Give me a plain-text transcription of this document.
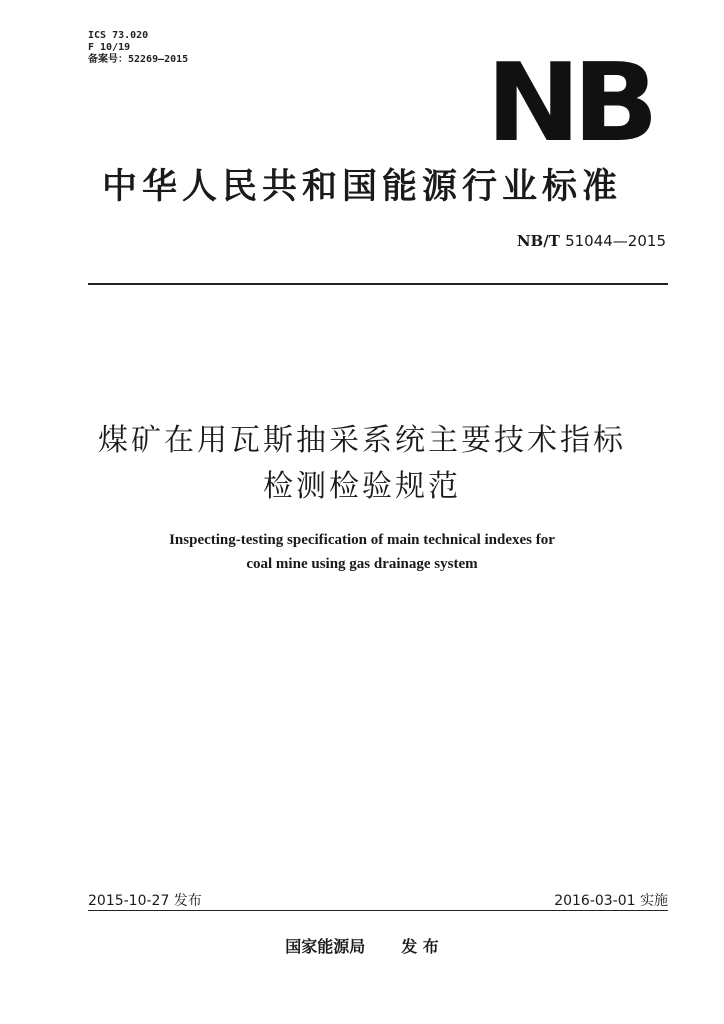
ICS 73.020
F 10/19
备案号：52269—2015	NB
中华人民共和国能源行业标准
NB/T 51044—2015
煤矿在用瓦斯抽采系统主要技术指标
检测检验规范
Inspecting-testing specification of main technical indexes for
coal mine using gas drainage system
2015-10-27 发布	2016-03-01 实施
国家能源局 发 布
